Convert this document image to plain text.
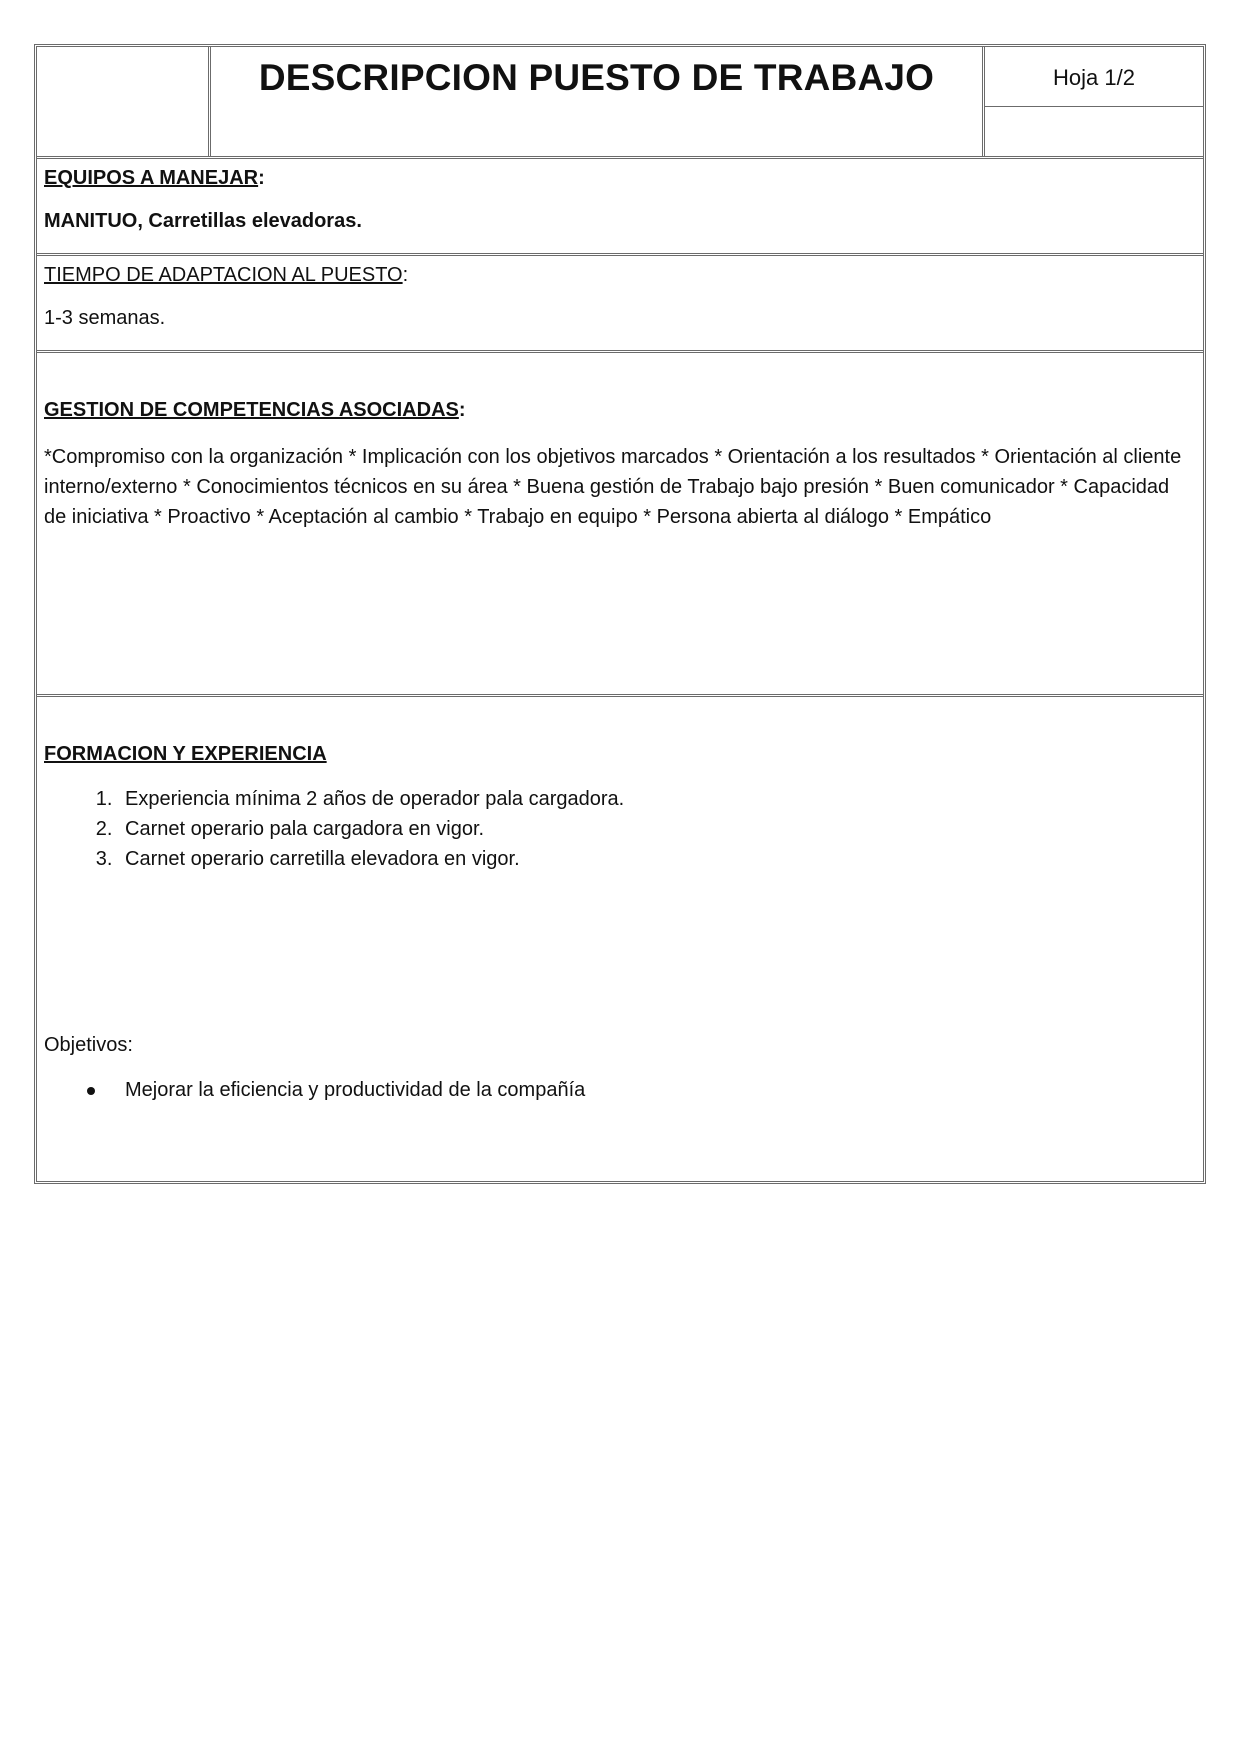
DESCRIPCION PUESTO DE TRABAJO	Hoja 1/2

EQUIPOS A MANEJAR:

MANITUO, Carretillas elevadoras.

TIEMPO DE ADAPTACION AL PUESTO:

1-3 semanas.

GESTION DE COMPETENCIAS ASOCIADAS:

*Compromiso con la organización * Implicación con los objetivos marcados * Orientación a los resultados * Orientación al cliente interno/externo * Conocimientos técnicos en su área * Buena gestión de Trabajo bajo presión * Buen comunicador * Capacidad de iniciativa * Proactivo * Aceptación al cambio * Trabajo en equipo * Persona abierta al diálogo * Empático

FORMACION Y EXPERIENCIA

1. Experiencia mínima 2 años de operador pala cargadora.
2. Carnet operario pala cargadora en vigor.
3. Carnet operario carretilla elevadora en vigor.

Objetivos:

Mejorar la eficiencia y productividad de la compañía
